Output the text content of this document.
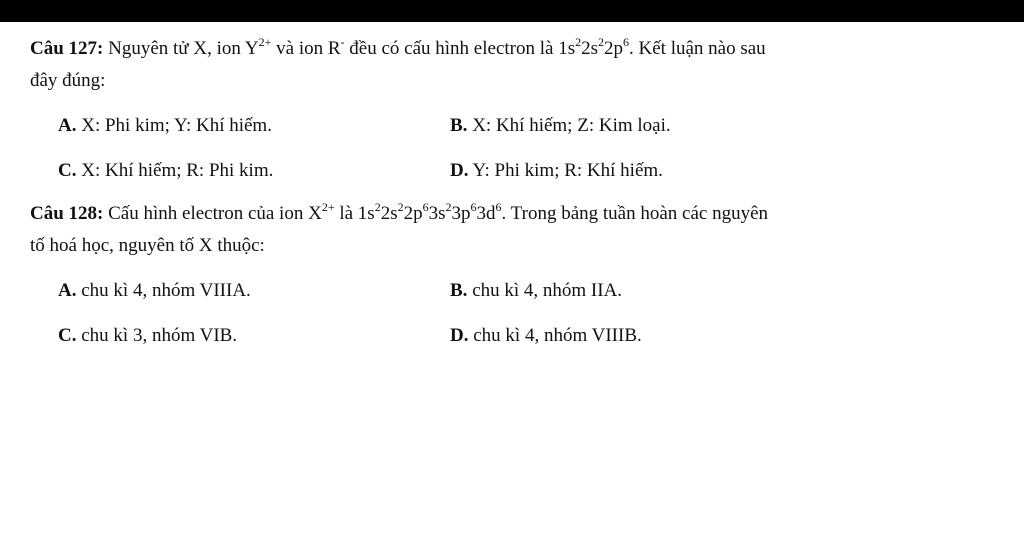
Câu 127: Nguyên tử X, ion $Y^{2+}$ và ion R- đều có cấu hình electron là $1s^22s^22p^6$. Kết luận nào sau
đây đúng:
A. X: Phi kim; Y: Khí hiếm.	B. X: Khí hiếm; Z: Kim loại.
C. X: Khí hiếm; R: Phi kim.	D. Y: Phi kim; R: Khí hiếm.
Câu 128: Cấu hình electron của ion $X^{2+}$ là $1s^22s^22p^63s^23p^63d^6$. Trong bảng tuần hoàn các nguyên
tố hoá học, nguyên tố X thuộc:
A. chu kì 4, nhóm VIIIA.	B. chu kì 4, nhóm IIA.
C. chu kì 3, nhóm VIB.	D. chu kì 4, nhóm VIIIB.
